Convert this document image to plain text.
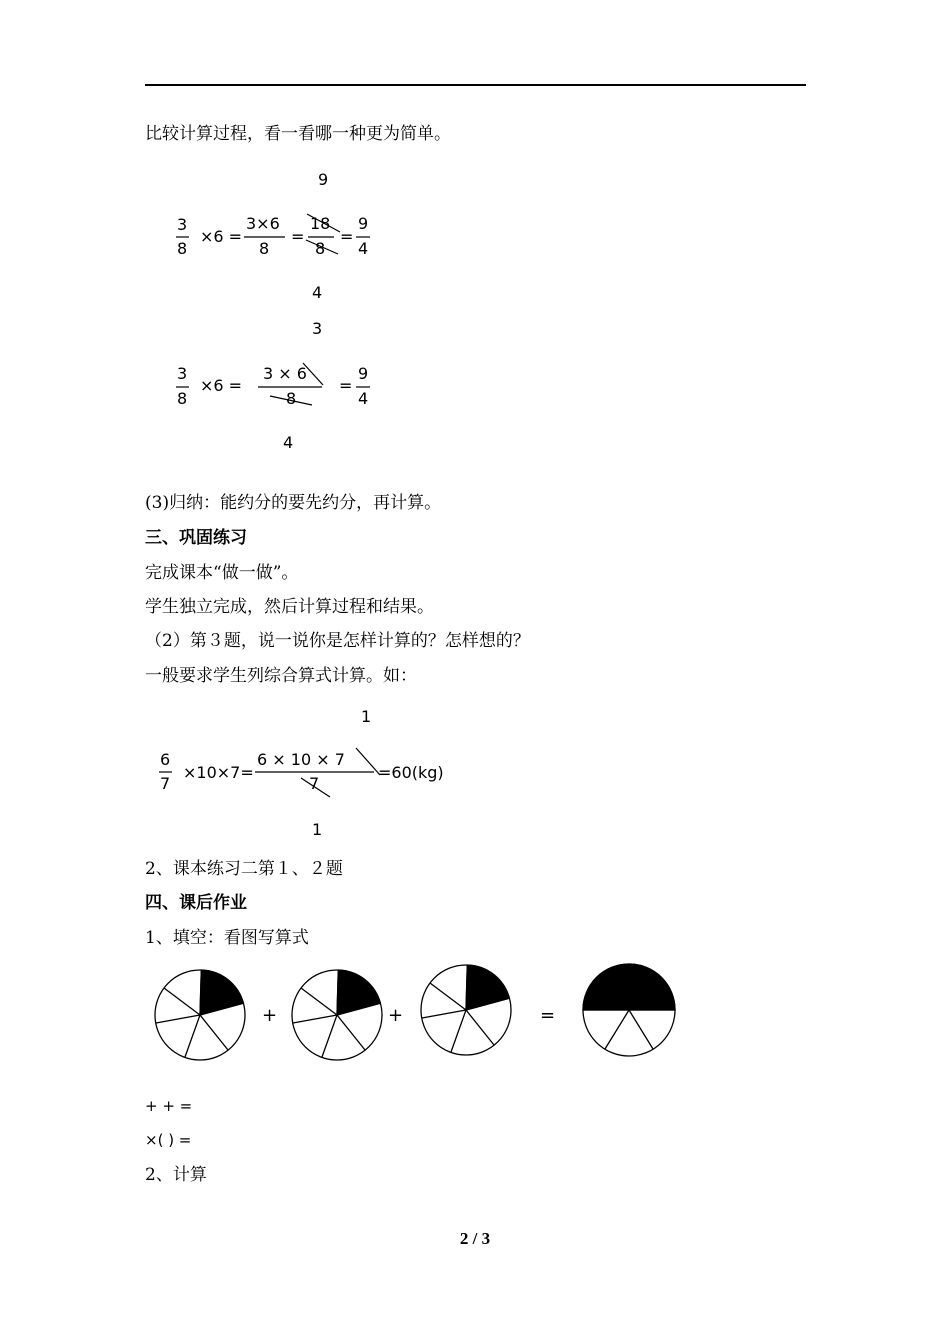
比较计算过程，看一看哪一种更为简单。
9
3
8
×6 =
3×6
8
=
18
8
=
9
4
4
3
3
8
×6 =
3 × 6
8
=
9
4
4
(3)归纳：能约分的要先约分，再计算。
三、巩固练习
完成课本“做一做”。
学生独立完成，然后计算过程和结果。
（2）第３题，说一说你是怎样计算的？怎样想的？
一般要求学生列综合算式计算。如：
1
6
7
×10×7=
6 × 10 × 7
7
=60(kg)
1
2、课本练习二第１、２题
四、课后作业
1、填空：看图写算式
+	+	=
+ + =
×( ) =
2、计算
2 / 3
